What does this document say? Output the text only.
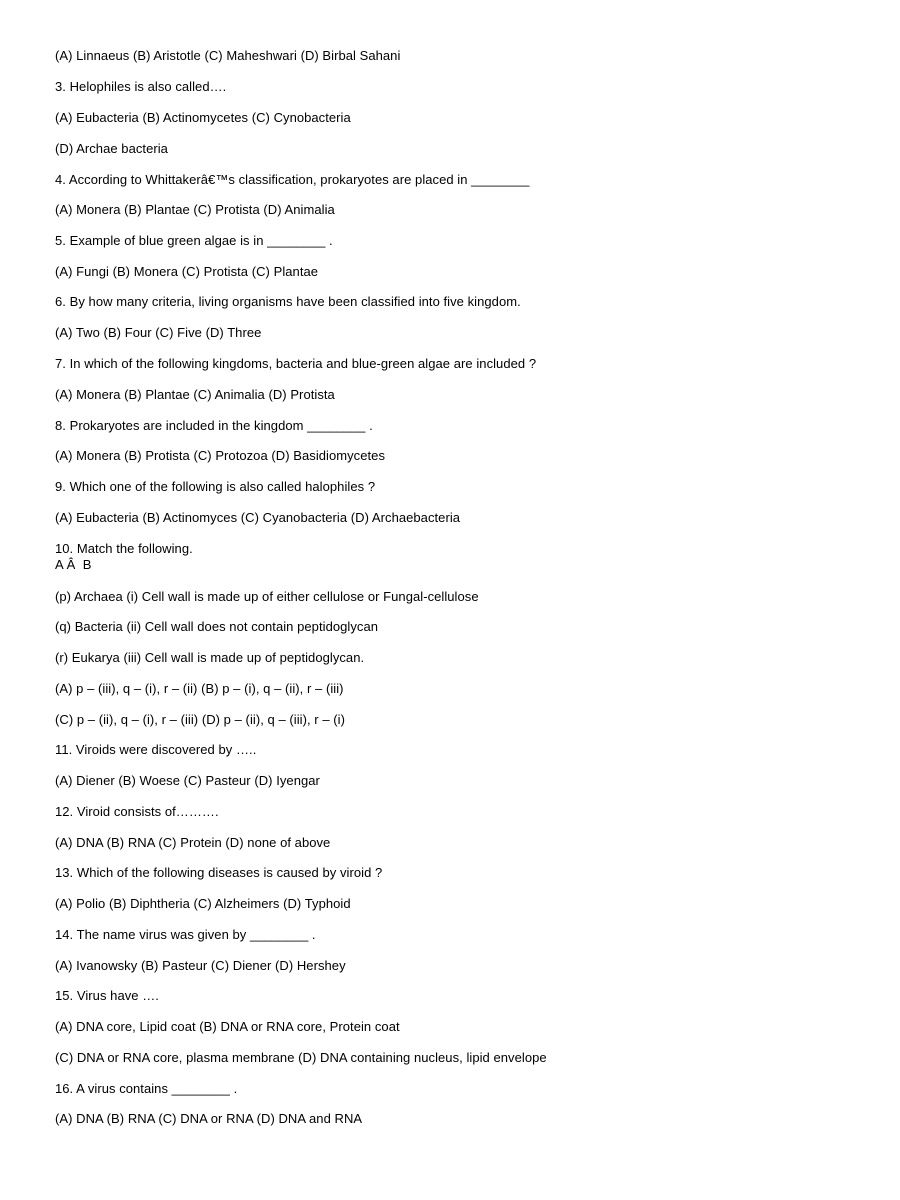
(A) Linnaeus (B) Aristotle (C) Maheshwari (D) Birbal Sahani

3. Helophiles is also called….

(A) Eubacteria (B) Actinomycetes (C) Cynobacteria

(D) Archae bacteria

4. According to Whittakerâ€™s classification, prokaryotes are placed in ________

(A) Monera (B) Plantae (C) Protista (D) Animalia

5. Example of blue green algae is in ________ .

(A) Fungi (B) Monera (C) Protista (C) Plantae

6. By how many criteria, living organisms have been classified into five kingdom.

(A) Two (B) Four (C) Five (D) Three

7. In which of the following kingdoms, bacteria and blue-green algae are included ?

(A) Monera (B) Plantae (C) Animalia (D) Protista

8. Prokaryotes are included in the kingdom ________ .

(A) Monera (B) Protista (C) Protozoa (D) Basidiomycetes

9. Which one of the following is also called halophiles ?

(A) Eubacteria (B) Actinomyces (C) Cyanobacteria (D) Archaebacteria

10. Match the following.

A Â  B

(p) Archaea (i) Cell wall is made up of either cellulose or Fungal-cellulose

(q) Bacteria (ii) Cell wall does not contain peptidoglycan

(r) Eukarya (iii) Cell wall is made up of peptidoglycan.

(A) p – (iii), q – (i), r – (ii) (B) p – (i), q – (ii), r – (iii)

(C) p – (ii), q – (i), r – (iii) (D) p – (ii), q – (iii), r – (i)

11. Viroids were discovered by …..

(A) Diener (B) Woese (C) Pasteur (D) Iyengar

12. Viroid consists of……….

(A) DNA (B) RNA (C) Protein (D) none of above

13. Which of the following diseases is caused by viroid ?

(A) Polio (B) Diphtheria (C) Alzheimers (D) Typhoid

14. The name virus was given by ________ .

(A) Ivanowsky (B) Pasteur (C) Diener (D) Hershey

15. Virus have ….

(A) DNA core, Lipid coat (B) DNA or RNA core, Protein coat

(C) DNA or RNA core, plasma membrane (D) DNA containing nucleus, lipid envelope

16. A virus contains ________ .

(A) DNA (B) RNA (C) DNA or RNA (D) DNA and RNA
